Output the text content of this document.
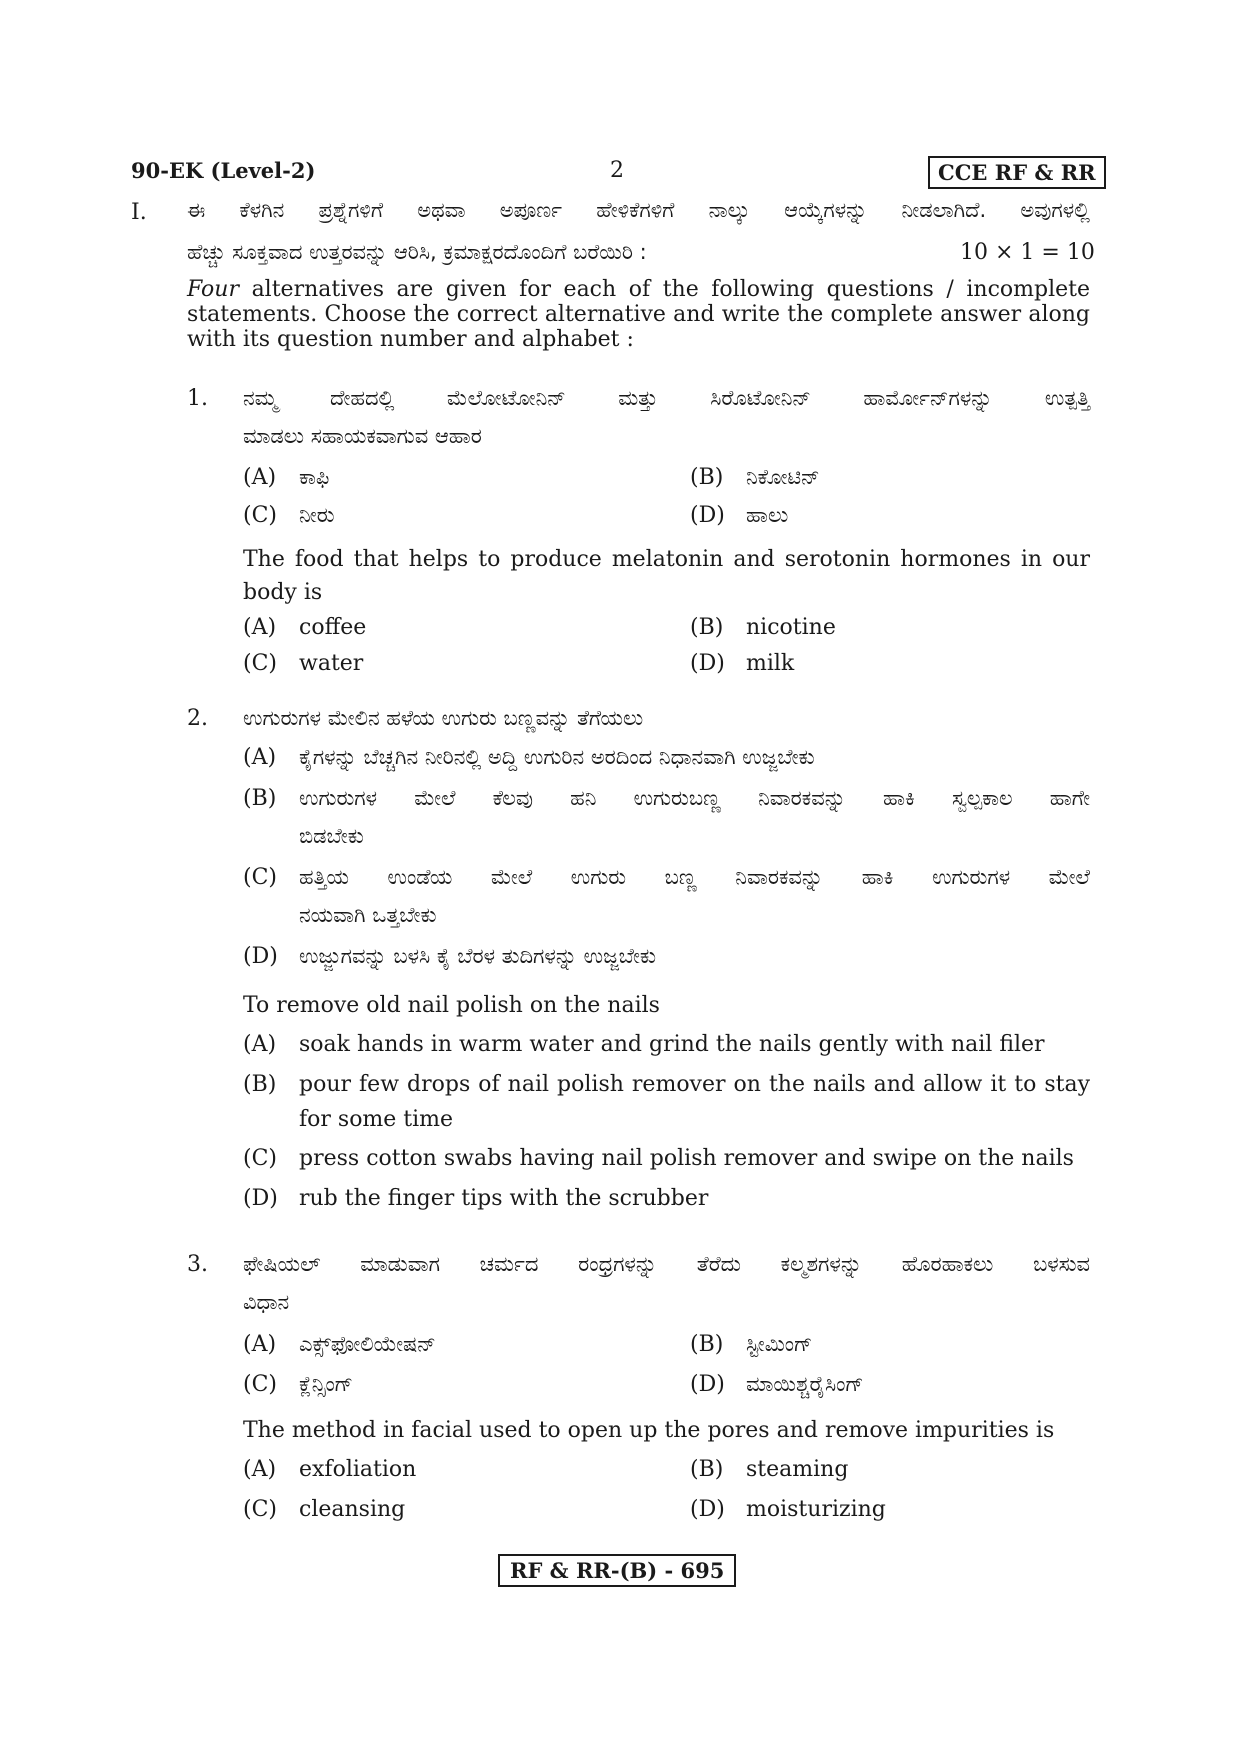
90-EK (Level-2)	2	CCE RF & RR
I. ಈ ಕೆಳಗಿನ ಪ್ರಶ್ನೆಗಳಿಗೆ ಅಥವಾ ಅಪೂರ್ಣ ಹೇಳಿಕೆಗಳಿಗೆ ನಾಲ್ಕು ಆಯ್ಕೆಗಳನ್ನು ನೀಡಲಾಗಿದೆ. ಅವುಗಳಲ್ಲಿ
ಹೆಚ್ಚು ಸೂಕ್ತವಾದ ಉತ್ತರವನ್ನು ಆರಿಸಿ, ಕ್ರಮಾಕ್ಷರದೊಂದಿಗೆ ಬರೆಯಿರಿ :	10 × 1 = 10
Four alternatives are given for each of the following questions / incomplete
statements. Choose the correct alternative and write the complete answer along
with its question number and alphabet :
1. ನಮ್ಮ ದೇಹದಲ್ಲಿ ಮೆಲೋಟೋನಿನ್ ಮತ್ತು ಸಿರೊಟೋನಿನ್ ಹಾರ್ಮೋನ್‌ಗಳನ್ನು ಉತ್ಪತ್ತಿ
ಮಾಡಲು ಸಹಾಯಕವಾಗುವ ಆಹಾರ
(A) ಕಾಫಿ	(B) ನಿಕೋಟಿನ್
(C) ನೀರು	(D) ಹಾಲು
The food that helps to produce melatonin and serotonin hormones in our
body is
(A) coffee	(B) nicotine
(C) water	(D) milk
2. ಉಗುರುಗಳ ಮೇಲಿನ ಹಳೆಯ ಉಗುರು ಬಣ್ಣವನ್ನು ತೆಗೆಯಲು
(A) ಕೈಗಳನ್ನು ಬೆಚ್ಚಗಿನ ನೀರಿನಲ್ಲಿ ಅದ್ದಿ ಉಗುರಿನ ಅರದಿಂದ ನಿಧಾನವಾಗಿ ಉಜ್ಜಬೇಕು
(B) ಉಗುರುಗಳ ಮೇಲೆ ಕೆಲವು ಹನಿ ಉಗುರುಬಣ್ಣ ನಿವಾರಕವನ್ನು ಹಾಕಿ ಸ್ವಲ್ಪಕಾಲ ಹಾಗೇ
ಬಿಡಬೇಕು
(C) ಹತ್ತಿಯ ಉಂಡೆಯ ಮೇಲೆ ಉಗುರು ಬಣ್ಣ ನಿವಾರಕವನ್ನು ಹಾಕಿ ಉಗುರುಗಳ ಮೇಲೆ
ನಯವಾಗಿ ಒತ್ತಬೇಕು
(D) ಉಜ್ಜುಗವನ್ನು ಬಳಸಿ ಕೈ ಬೆರಳ ತುದಿಗಳನ್ನು ಉಜ್ಜಬೇಕು
To remove old nail polish on the nails
(A) soak hands in warm water and grind the nails gently with nail filer
(B) pour few drops of nail polish remover on the nails and allow it to stay
for some time
(C) press cotton swabs having nail polish remover and swipe on the nails
(D) rub the finger tips with the scrubber
3. ಫೇಷಿಯಲ್ ಮಾಡುವಾಗ ಚರ್ಮದ ರಂಧ್ರಗಳನ್ನು ತೆರೆದು ಕಲ್ಮಶಗಳನ್ನು ಹೊರಹಾಕಲು ಬಳಸುವ
ವಿಧಾನ
(A) ಎಕ್ಸ್‌ಫೋಲಿಯೇಷನ್	(B) ಸ್ಟೀಮಿಂಗ್
(C) ಕ್ಲೆನ್ಸಿಂಗ್	(D) ಮಾಯಿಶ್ಚರೈಸಿಂಗ್
The method in facial used to open up the pores and remove impurities is
(A) exfoliation	(B) steaming
(C) cleansing	(D) moisturizing
RF & RR-(B) - 695
